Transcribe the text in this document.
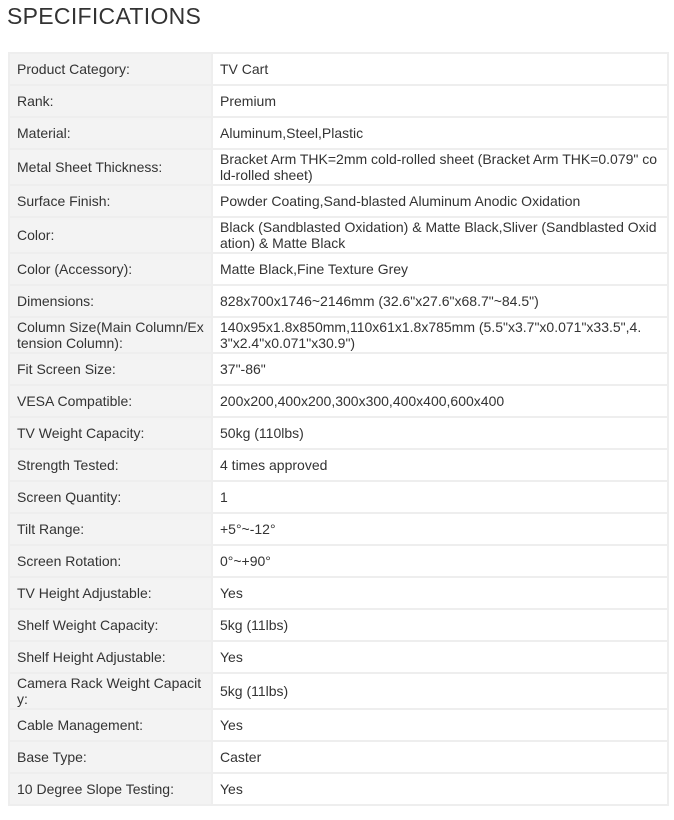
SPECIFICATIONS
Product Category:	TV Cart
Rank:	Premium
Material:	Aluminum,Steel,Plastic
Metal Sheet Thickness:	Bracket Arm THK=2mm cold-rolled sheet (Bracket Arm THK=0.079" cold-rolled sheet)
Surface Finish:	Powder Coating,Sand-blasted Aluminum Anodic Oxidation
Color:	Black (Sandblasted Oxidation) & Matte Black,Sliver (Sandblasted Oxidation) & Matte Black
Color (Accessory):	Matte Black,Fine Texture Grey
Dimensions:	828x700x1746~2146mm (32.6"x27.6"x68.7"~84.5")
Column Size(Main Column/Extension Column):	140x95x1.8x850mm,110x61x1.8x785mm (5.5"x3.7"x0.071"x33.5",4.3"x2.4"x0.071"x30.9")
Fit Screen Size:	37"-86"
VESA Compatible:	200x200,400x200,300x300,400x400,600x400
TV Weight Capacity:	50kg (110lbs)
Strength Tested:	4 times approved
Screen Quantity:	1
Tilt Range:	+5°~-12°
Screen Rotation:	0°~+90°
TV Height Adjustable:	Yes
Shelf Weight Capacity:	5kg (11lbs)
Shelf Height Adjustable:	Yes
Camera Rack Weight Capacity:	5kg (11lbs)
Cable Management:	Yes
Base Type:	Caster
10 Degree Slope Testing:	Yes
